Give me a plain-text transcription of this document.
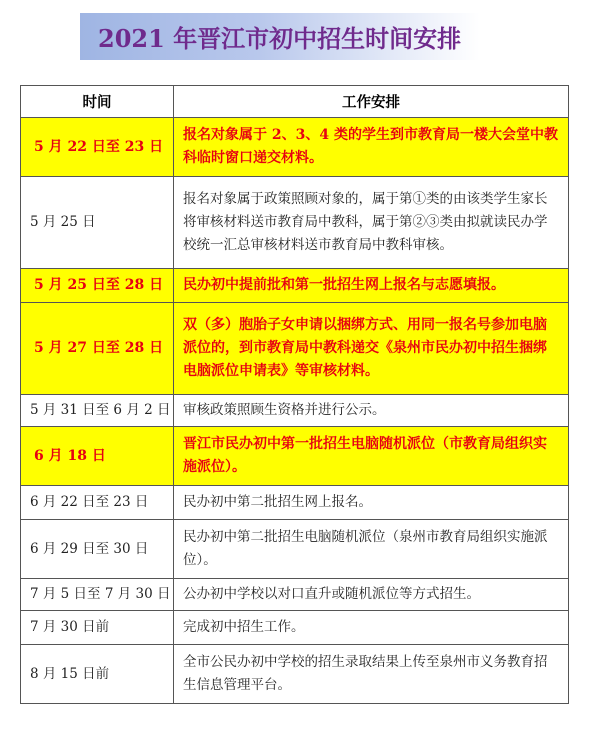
2021 年晋江市初中招生时间安排
时间	工作安排
5 月 22 日至 23 日	报名对象属于 2、3、4 类的学生到市教育局一楼大会堂中教科临时窗口递交材料。
5 月 25 日	报名对象属于政策照顾对象的，属于第①类的由该类学生家长将审核材料送市教育局中教科，属于第②③类由拟就读民办学校统一汇总审核材料送市教育局中教科审核。
5 月 25 日至 28 日	民办初中提前批和第一批招生网上报名与志愿填报。
5 月 27 日至 28 日	双（多）胞胎子女申请以捆绑方式、用同一报名号参加电脑派位的，到市教育局中教科递交《泉州市民办初中招生捆绑电脑派位申请表》等审核材料。
5 月 31 日至 6 月 2 日	审核政策照顾生资格并进行公示。
6 月 18 日	晋江市民办初中第一批招生电脑随机派位（市教育局组织实施派位）。
6 月 22 日至 23 日	民办初中第二批招生网上报名。
6 月 29 日至 30 日	民办初中第二批招生电脑随机派位（泉州市教育局组织实施派位）。
7 月 5 日至 7 月 30 日	公办初中学校以对口直升或随机派位等方式招生。
7 月 30 日前	完成初中招生工作。
8 月 15 日前	全市公民办初中学校的招生录取结果上传至泉州市义务教育招生信息管理平台。
